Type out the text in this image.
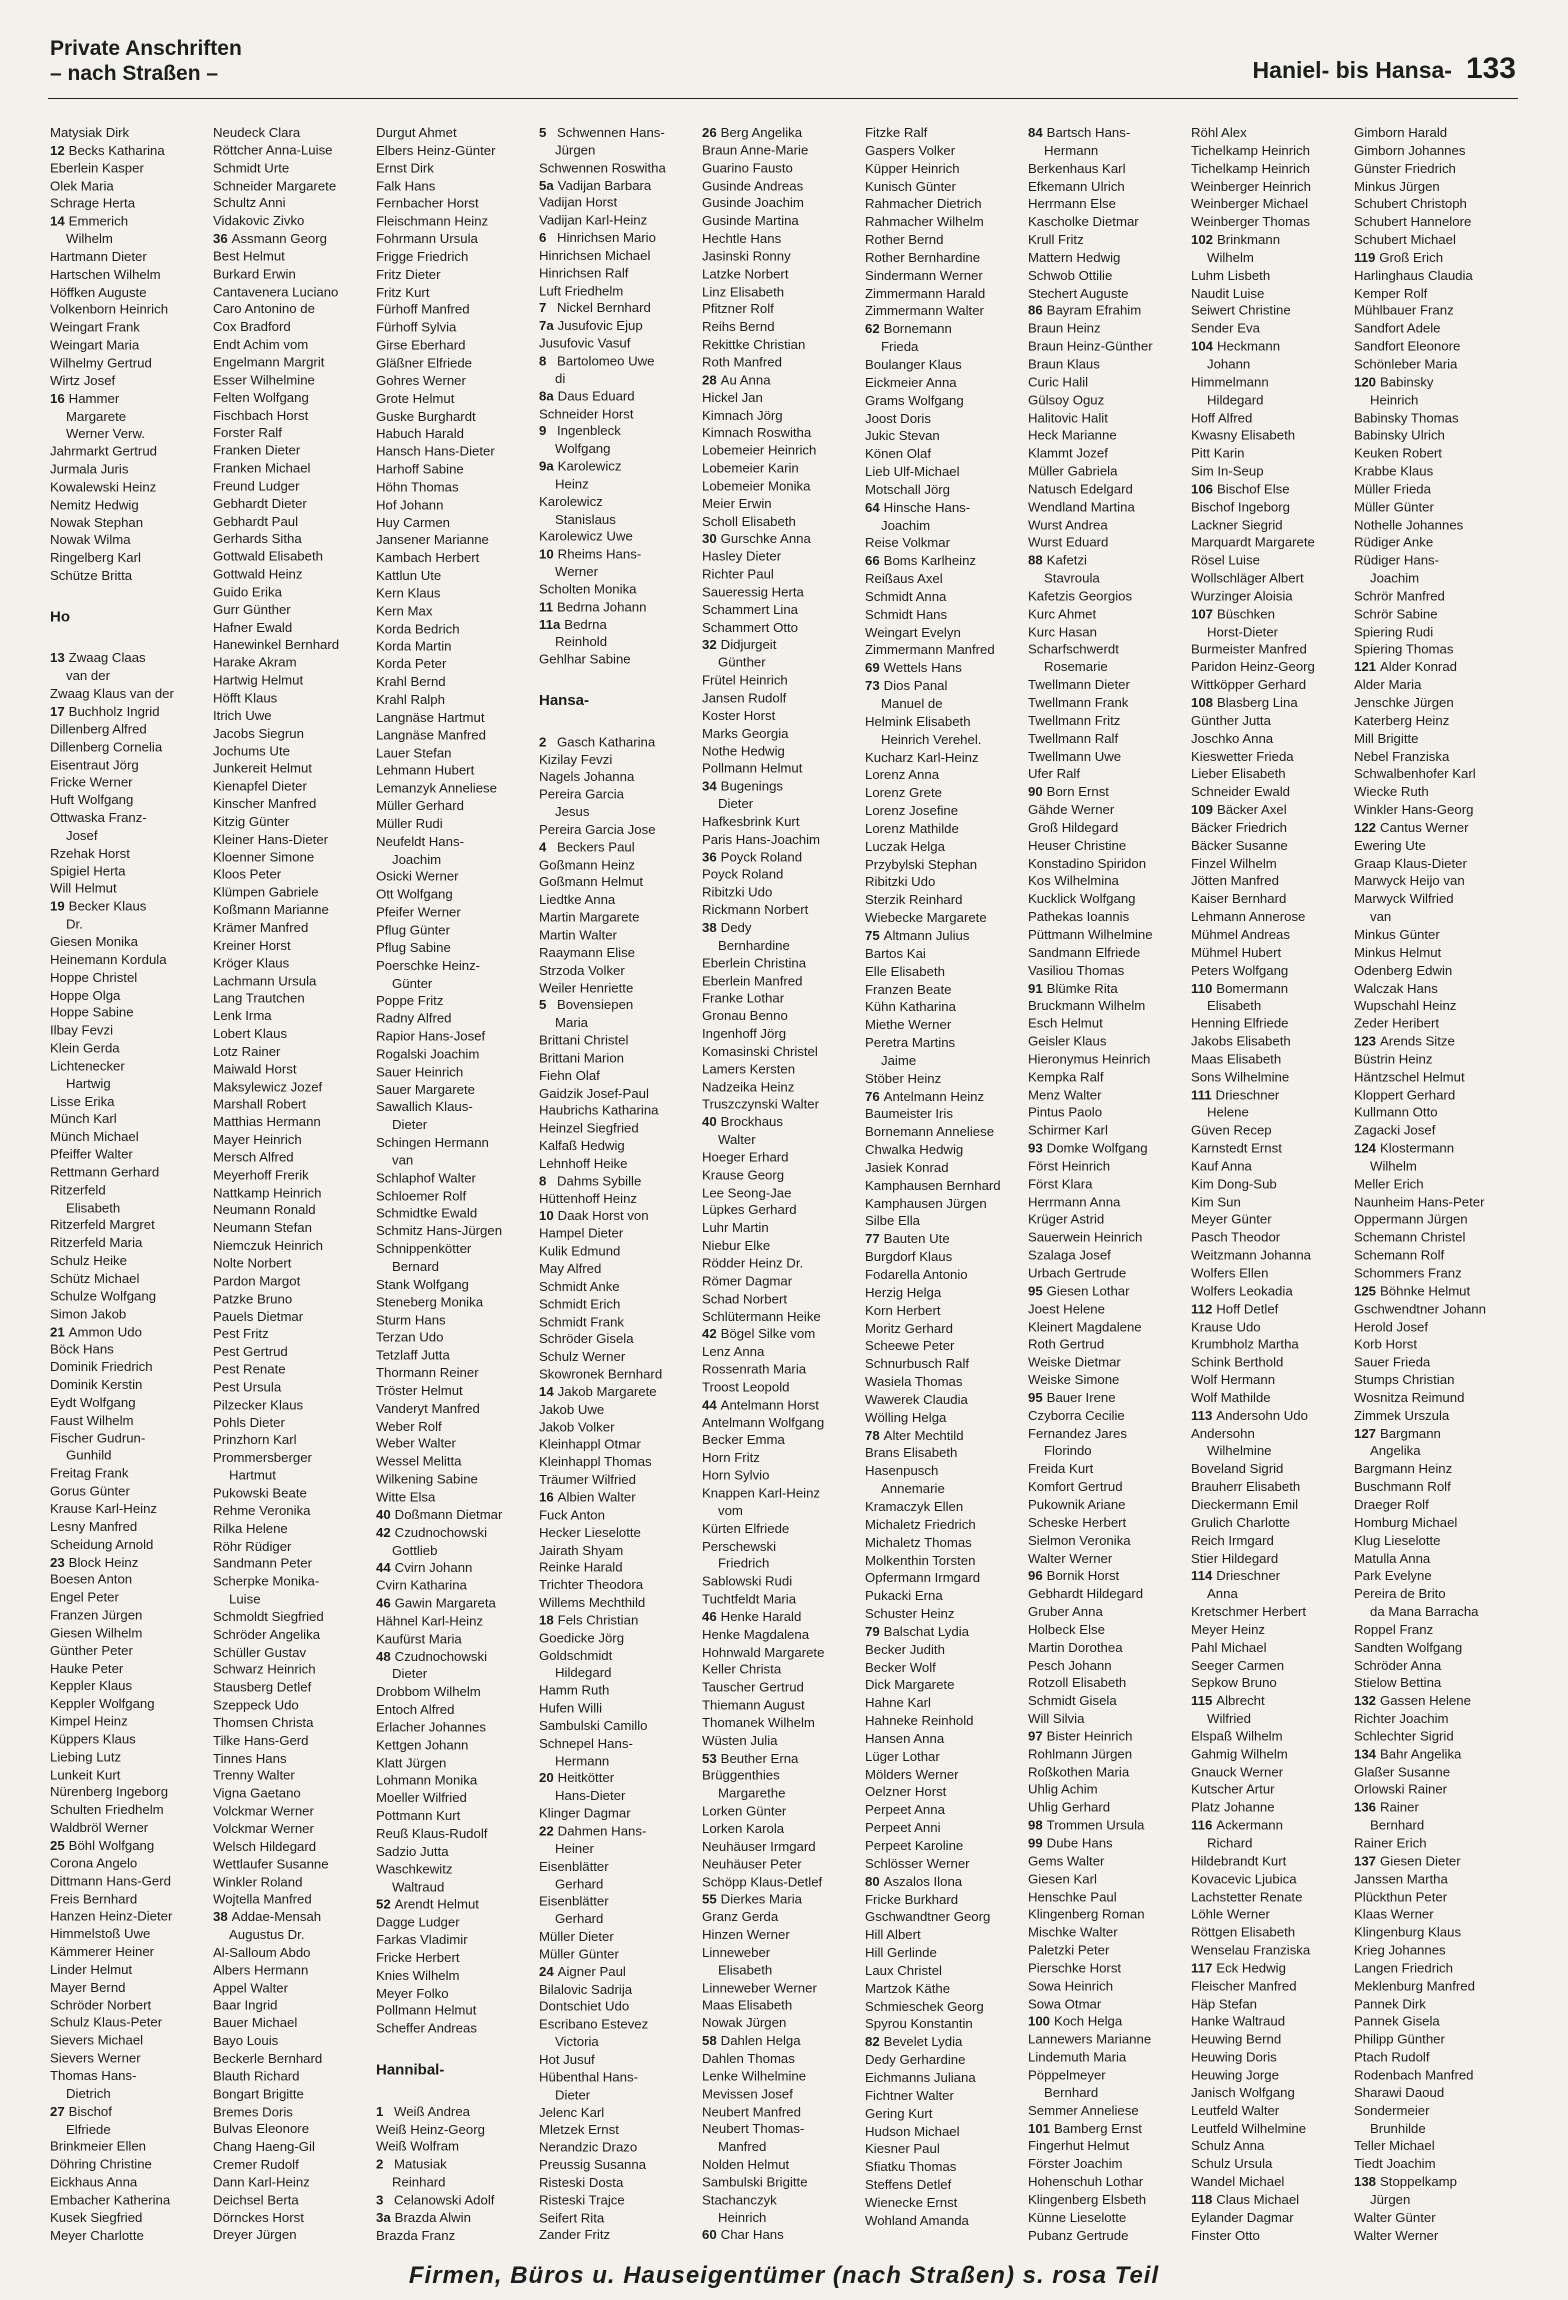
Private Anschriften
– nach Straßen –	Haniel- bis Hansa- 133
Matysiak Dirk
12 Becks Katharina
Eberlein Kasper
Olek Maria
Schrage Herta
14 Emmerich
Wilhelm
Hartmann Dieter
Hartschen Wilhelm
Höffken Auguste
Volkenborn Heinrich
Weingart Frank
Weingart Maria
Wilhelmy Gertrud
Wirtz Josef
16 Hammer
Margarete
Werner Verw.
Jahrmarkt Gertrud
Jurmala Juris
Kowalewski Heinz
Nemitz Hedwig
Nowak Stephan
Nowak Wilma
Ringelberg Karl
Schütze Britta
Ho
13 Zwaag Claas
van der
Zwaag Klaus van der
17 Buchholz Ingrid
Dillenberg Alfred
Dillenberg Cornelia
Eisentraut Jörg
Fricke Werner
Huft Wolfgang
Ottwaska Franz-
Josef
Rzehak Horst
Spigiel Herta
Will Helmut
19 Becker Klaus
Dr.
Giesen Monika
Heinemann Kordula
Hoppe Christel
Hoppe Olga
Hoppe Sabine
Ilbay Fevzi
Klein Gerda
Lichtenecker
Hartwig
Lisse Erika
Münch Karl
Münch Michael
Pfeiffer Walter
Rettmann Gerhard
Ritzerfeld
Elisabeth
Ritzerfeld Margret
Ritzerfeld Maria
Schulz Heike
Schütz Michael
Schulze Wolfgang
Simon Jakob
21 Ammon Udo
Böck Hans
Dominik Friedrich
Dominik Kerstin
Eydt Wolfgang
Faust Wilhelm
Fischer Gudrun-
Gunhild
Freitag Frank
Gorus Günter
Krause Karl-Heinz
Lesny Manfred
Scheidung Arnold
23 Block Heinz
Boesen Anton
Engel Peter
Franzen Jürgen
Giesen Wilhelm
Günther Peter
Hauke Peter
Keppler Klaus
Keppler Wolfgang
Kimpel Heinz
Küppers Klaus
Liebing Lutz
Lunkeit Kurt
Nürenberg Ingeborg
Schulten Friedhelm
Waldbröl Werner
25 Böhl Wolfgang
Corona Angelo
Dittmann Hans-Gerd
Freis Bernhard
Hanzen Heinz-Dieter
Himmelstoß Uwe
Kämmerer Heiner
Linder Helmut
Mayer Bernd
Schröder Norbert
Schulz Klaus-Peter
Sievers Michael
Sievers Werner
Thomas Hans-
Dietrich
27 Bischof
Elfriede
Brinkmeier Ellen
Döhring Christine
Eickhaus Anna
Embacher Katherina
Kusek Siegfried
Meyer Charlotte
Neudeck Clara
Röttcher Anna-Luise
Schmidt Urte
Schneider Margarete
Schultz Anni
Vidakovic Zivko
36 Assmann Georg
Best Helmut
Burkard Erwin
Cantavenera Luciano
Caro Antonino de
Cox Bradford
Endt Achim vom
Engelmann Margrit
Esser Wilhelmine
Felten Wolfgang
Fischbach Horst
Forster Ralf
Franken Dieter
Franken Michael
Freund Ludger
Gebhardt Dieter
Gebhardt Paul
Gerhards Sitha
Gottwald Elisabeth
Gottwald Heinz
Guido Erika
Gurr Günther
Hafner Ewald
Hanewinkel Bernhard
Harake Akram
Hartwig Helmut
Höfft Klaus
Itrich Uwe
Jacobs Siegrun
Jochums Ute
Junkereit Helmut
Kienapfel Dieter
Kinscher Manfred
Kitzig Günter
Kleiner Hans-Dieter
Kloenner Simone
Kloos Peter
Klümpen Gabriele
Koßmann Marianne
Krämer Manfred
Kreiner Horst
Kröger Klaus
Lachmann Ursula
Lang Trautchen
Lenk Irma
Lobert Klaus
Lotz Rainer
Maiwald Horst
Maksylewicz Jozef
Marshall Robert
Matthias Hermann
Mayer Heinrich
Mersch Alfred
Meyerhoff Frerik
Nattkamp Heinrich
Neumann Ronald
Neumann Stefan
Niemczuk Heinrich
Nolte Norbert
Pardon Margot
Patzke Bruno
Pauels Dietmar
Pest Fritz
Pest Gertrud
Pest Renate
Pest Ursula
Pilzecker Klaus
Pohls Dieter
Prinzhorn Karl
Prommersberger
Hartmut
Pukowski Beate
Rehme Veronika
Rilka Helene
Röhr Rüdiger
Sandmann Peter
Scherpke Monika-
Luise
Schmoldt Siegfried
Schröder Angelika
Schüller Gustav
Schwarz Heinrich
Stausberg Detlef
Szeppeck Udo
Thomsen Christa
Tilke Hans-Gerd
Tinnes Hans
Trenny Walter
Vigna Gaetano
Volckmar Werner
Volckmar Werner
Welsch Hildegard
Wettlaufer Susanne
Winkler Roland
Wojtella Manfred
38 Addae-Mensah
Augustus Dr.
Al-Salloum Abdo
Albers Hermann
Appel Walter
Baar Ingrid
Bauer Michael
Bayo Louis
Beckerle Bernhard
Blauth Richard
Bongart Brigitte
Bremes Doris
Bulvas Eleonore
Chang Haeng-Gil
Cremer Rudolf
Dann Karl-Heinz
Deichsel Berta
Dörnckes Horst
Dreyer Jürgen
Durgut Ahmet
Elbers Heinz-Günter
Ernst Dirk
Falk Hans
Fernbacher Horst
Fleischmann Heinz
Fohrmann Ursula
Frigge Friedrich
Fritz Dieter
Fritz Kurt
Fürhoff Manfred
Fürhoff Sylvia
Girse Eberhard
Gläßner Elfriede
Gohres Werner
Grote Helmut
Guske Burghardt
Habuch Harald
Hansch Hans-Dieter
Harhoff Sabine
Höhn Thomas
Hof Johann
Huy Carmen
Jansener Marianne
Kambach Herbert
Kattlun Ute
Kern Klaus
Kern Max
Korda Bedrich
Korda Martin
Korda Peter
Krahl Bernd
Krahl Ralph
Langnäse Hartmut
Langnäse Manfred
Lauer Stefan
Lehmann Hubert
Lemanzyk Anneliese
Müller Gerhard
Müller Rudi
Neufeldt Hans-
Joachim
Osicki Werner
Ott Wolfgang
Pfeifer Werner
Pflug Günter
Pflug Sabine
Poerschke Heinz-
Günter
Poppe Fritz
Radny Alfred
Rapior Hans-Josef
Rogalski Joachim
Sauer Heinrich
Sauer Margarete
Sawallich Klaus-
Dieter
Schingen Hermann
van
Schlaphof Walter
Schloemer Rolf
Schmidtke Ewald
Schmitz Hans-Jürgen
Schnippenkötter
Bernard
Stank Wolfgang
Steneberg Monika
Sturm Hans
Terzan Udo
Tetzlaff Jutta
Thormann Reiner
Tröster Helmut
Vanderyt Manfred
Weber Rolf
Weber Walter
Wessel Melitta
Wilkening Sabine
Witte Elsa
40 Doßmann Dietmar
42 Czudnochowski
Gottlieb
44 Cvirn Johann
Cvirn Katharina
46 Gawin Margareta
Hähnel Karl-Heinz
Kaufürst Maria
48 Czudnochowski
Dieter
Drobbom Wilhelm
Entoch Alfred
Erlacher Johannes
Kettgen Johann
Klatt Jürgen
Lohmann Monika
Moeller Wilfried
Pottmann Kurt
Reuß Klaus-Rudolf
Sadzio Jutta
Waschkewitz
Waltraud
52 Arendt Helmut
Dagge Ludger
Farkas Vladimir
Fricke Herbert
Knies Wilhelm
Meyer Folko
Pollmann Helmut
Scheffer Andreas
Hannibal-
1 Weiß Andrea
Weiß Heinz-Georg
Weiß Wolfram
2 Matusiak
Reinhard
3 Celanowski Adolf
3a Brazda Alwin
Brazda Franz
5 Schwennen Hans-
Jürgen
Schwennen Roswitha
5a Vadijan Barbara
Vadijan Horst
Vadijan Karl-Heinz
6 Hinrichsen Mario
Hinrichsen Michael
Hinrichsen Ralf
Luft Friedhelm
7 Nickel Bernhard
7a Jusufovic Ejup
Jusufovic Vasuf
8 Bartolomeo Uwe
di
8a Daus Eduard
Schneider Horst
9 Ingenbleck
Wolfgang
9a Karolewicz
Heinz
Karolewicz
Stanislaus
Karolewicz Uwe
10 Rheims Hans-
Werner
Scholten Monika
11 Bedrna Johann
11a Bedrna
Reinhold
Gehlhar Sabine
Hansa-
2 Gasch Katharina
Kizilay Fevzi
Nagels Johanna
Pereira Garcia
Jesus
Pereira Garcia Jose
4 Beckers Paul
Goßmann Heinz
Goßmann Helmut
Liedtke Anna
Martin Margarete
Martin Walter
Raaymann Elise
Strzoda Volker
Weiler Henriette
5 Bovensiepen
Maria
Brittani Christel
Brittani Marion
Fiehn Olaf
Gaidzik Josef-Paul
Haubrichs Katharina
Heinzel Siegfried
Kalfaß Hedwig
Lehnhoff Heike
8 Dahms Sybille
Hüttenhoff Heinz
10 Daak Horst von
Hampel Dieter
Kulik Edmund
May Alfred
Schmidt Anke
Schmidt Erich
Schmidt Frank
Schröder Gisela
Schulz Werner
Skowronek Bernhard
14 Jakob Margarete
Jakob Uwe
Jakob Volker
Kleinhappl Otmar
Kleinhappl Thomas
Träumer Wilfried
16 Albien Walter
Fuck Anton
Hecker Lieselotte
Jairath Shyam
Reinke Harald
Trichter Theodora
Willems Mechthild
18 Fels Christian
Goedicke Jörg
Goldschmidt
Hildegard
Hamm Ruth
Hufen Willi
Sambulski Camillo
Schnepel Hans-
Hermann
20 Heitkötter
Hans-Dieter
Klinger Dagmar
22 Dahmen Hans-
Heiner
Eisenblätter
Gerhard
Eisenblätter
Gerhard
Müller Dieter
Müller Günter
24 Aigner Paul
Bilalovic Sadrija
Dontschiet Udo
Escribano Estevez
Victoria
Hot Jusuf
Hübenthal Hans-
Dieter
Jelenc Karl
Mletzek Ernst
Nerandzic Drazo
Preussig Susanna
Risteski Dosta
Risteski Trajce
Seifert Rita
Zander Fritz
26 Berg Angelika
Braun Anne-Marie
Guarino Fausto
Gusinde Andreas
Gusinde Joachim
Gusinde Martina
Hechtle Hans
Jasinski Ronny
Latzke Norbert
Linz Elisabeth
Pfitzner Rolf
Reihs Bernd
Rekittke Christian
Roth Manfred
28 Au Anna
Hickel Jan
Kimnach Jörg
Kimnach Roswitha
Lobemeier Heinrich
Lobemeier Karin
Lobemeier Monika
Meier Erwin
Scholl Elisabeth
30 Gurschke Anna
Hasley Dieter
Richter Paul
Saueressig Herta
Schammert Lina
Schammert Otto
32 Didjurgeit
Günther
Frütel Heinrich
Jansen Rudolf
Koster Horst
Marks Georgia
Nothe Hedwig
Pollmann Helmut
34 Bugenings
Dieter
Hafkesbrink Kurt
Paris Hans-Joachim
36 Poyck Roland
Poyck Roland
Ribitzki Udo
Rickmann Norbert
38 Dedy
Bernhardine
Eberlein Christina
Eberlein Manfred
Franke Lothar
Gronau Benno
Ingenhoff Jörg
Komasinski Christel
Lamers Kersten
Nadzeika Heinz
Truszczynski Walter
40 Brockhaus
Walter
Hoeger Erhard
Krause Georg
Lee Seong-Jae
Lüpkes Gerhard
Luhr Martin
Niebur Elke
Rödder Heinz Dr.
Römer Dagmar
Schad Norbert
Schlütermann Heike
42 Bögel Silke vom
Lenz Anna
Rossenrath Maria
Troost Leopold
44 Antelmann Horst
Antelmann Wolfgang
Becker Emma
Horn Fritz
Horn Sylvio
Knappen Karl-Heinz
vom
Kürten Elfriede
Perschewski
Friedrich
Sablowski Rudi
Tuchtfeldt Maria
46 Henke Harald
Henke Magdalena
Hohnwald Margarete
Keller Christa
Tauscher Gertrud
Thiemann August
Thomanek Wilhelm
Wüsten Julia
53 Beuther Erna
Brüggenthies
Margarethe
Lorken Günter
Lorken Karola
Neuhäuser Irmgard
Neuhäuser Peter
Schöpp Klaus-Detlef
55 Dierkes Maria
Granz Gerda
Hinzen Werner
Linneweber
Elisabeth
Linneweber Werner
Maas Elisabeth
Nowak Jürgen
58 Dahlen Helga
Dahlen Thomas
Lenke Wilhelmine
Mevissen Josef
Neubert Manfred
Neubert Thomas-
Manfred
Nolden Helmut
Sambulski Brigitte
Stachanczyk
Heinrich
60 Char Hans
Fitzke Ralf
Gaspers Volker
Küpper Heinrich
Kunisch Günter
Rahmacher Dietrich
Rahmacher Wilhelm
Rother Bernd
Rother Bernhardine
Sindermann Werner
Zimmermann Harald
Zimmermann Walter
62 Bornemann
Frieda
Boulanger Klaus
Eickmeier Anna
Grams Wolfgang
Joost Doris
Jukic Stevan
Könen Olaf
Lieb Ulf-Michael
Motschall Jörg
64 Hinsche Hans-
Joachim
Reise Volkmar
66 Boms Karlheinz
Reißaus Axel
Schmidt Anna
Schmidt Hans
Weingart Evelyn
Zimmermann Manfred
69 Wettels Hans
73 Dios Panal
Manuel de
Helmink Elisabeth
Heinrich Verehel.
Kucharz Karl-Heinz
Lorenz Anna
Lorenz Grete
Lorenz Josefine
Lorenz Mathilde
Luczak Helga
Przybylski Stephan
Ribitzki Udo
Sterzik Reinhard
Wiebecke Margarete
75 Altmann Julius
Bartos Kai
Elle Elisabeth
Franzen Beate
Kühn Katharina
Miethe Werner
Peretra Martins
Jaime
Stöber Heinz
76 Antelmann Heinz
Baumeister Iris
Bornemann Anneliese
Chwalka Hedwig
Jasiek Konrad
Kamphausen Bernhard
Kamphausen Jürgen
Silbe Ella
77 Bauten Ute
Burgdorf Klaus
Fodarella Antonio
Herzig Helga
Korn Herbert
Moritz Gerhard
Scheewe Peter
Schnurbusch Ralf
Wasiela Thomas
Wawerek Claudia
Wölling Helga
78 Alter Mechtild
Brans Elisabeth
Hasenpusch
Annemarie
Kramaczyk Ellen
Michaletz Friedrich
Michaletz Thomas
Molkenthin Torsten
Opfermann Irmgard
Pukacki Erna
Schuster Heinz
79 Balschat Lydia
Becker Judith
Becker Wolf
Dick Margarete
Hahne Karl
Hahneke Reinhold
Hansen Anna
Lüger Lothar
Mölders Werner
Oelzner Horst
Perpeet Anna
Perpeet Anni
Perpeet Karoline
Schlösser Werner
80 Aszalos Ilona
Fricke Burkhard
Gschwandtner Georg
Hill Albert
Hill Gerlinde
Laux Christel
Martzok Käthe
Schmieschek Georg
Spyrou Konstantin
82 Bevelet Lydia
Dedy Gerhardine
Eichmanns Juliana
Fichtner Walter
Gering Kurt
Hudson Michael
Kiesner Paul
Sfiatku Thomas
Steffens Detlef
Wienecke Ernst
Wohland Amanda
84 Bartsch Hans-
Hermann
Berkenhaus Karl
Efkemann Ulrich
Herrmann Else
Kascholke Dietmar
Krull Fritz
Mattern Hedwig
Schwob Ottilie
Stechert Auguste
86 Bayram Efrahim
Braun Heinz
Braun Heinz-Günther
Braun Klaus
Curic Halil
Gülsoy Oguz
Halitovic Halit
Heck Marianne
Klammt Jozef
Müller Gabriela
Natusch Edelgard
Wendland Martina
Wurst Andrea
Wurst Eduard
88 Kafetzi
Stavroula
Kafetzis Georgios
Kurc Ahmet
Kurc Hasan
Scharfschwerdt
Rosemarie
Twellmann Dieter
Twellmann Frank
Twellmann Fritz
Twellmann Ralf
Twellmann Uwe
Ufer Ralf
90 Born Ernst
Gähde Werner
Groß Hildegard
Heuser Christine
Konstadino Spiridon
Kos Wilhelmina
Kucklick Wolfgang
Pathekas Ioannis
Püttmann Wilhelmine
Sandmann Elfriede
Vasiliou Thomas
91 Blümke Rita
Bruckmann Wilhelm
Esch Helmut
Geisler Klaus
Hieronymus Heinrich
Kempka Ralf
Menz Walter
Pintus Paolo
Schirmer Karl
93 Domke Wolfgang
Först Heinrich
Först Klara
Herrmann Anna
Krüger Astrid
Sauerwein Heinrich
Szalaga Josef
Urbach Gertrude
95 Giesen Lothar
Joest Helene
Kleinert Magdalene
Roth Gertrud
Weiske Dietmar
Weiske Simone
95 Bauer Irene
Czyborra Cecilie
Fernandez Jares
Florindo
Freida Kurt
Komfort Gertrud
Pukownik Ariane
Scheske Herbert
Sielmon Veronika
Walter Werner
96 Bornik Horst
Gebhardt Hildegard
Gruber Anna
Holbeck Else
Martin Dorothea
Pesch Johann
Rotzoll Elisabeth
Schmidt Gisela
Will Silvia
97 Bister Heinrich
Rohlmann Jürgen
Roßkothen Maria
Uhlig Achim
Uhlig Gerhard
98 Trommen Ursula
99 Dube Hans
Gems Walter
Giesen Karl
Henschke Paul
Klingenberg Roman
Mischke Walter
Paletzki Peter
Pierschke Horst
Sowa Heinrich
Sowa Otmar
100 Koch Helga
Lannewers Marianne
Lindemuth Maria
Pöppelmeyer
Bernhard
Semmer Anneliese
101 Bamberg Ernst
Fingerhut Helmut
Förster Joachim
Hohenschuh Lothar
Klingenberg Elsbeth
Künne Lieselotte
Pubanz Gertrude
Röhl Alex
Tichelkamp Heinrich
Tichelkamp Heinrich
Weinberger Heinrich
Weinberger Michael
Weinberger Thomas
102 Brinkmann
Wilhelm
Luhm Lisbeth
Naudit Luise
Seiwert Christine
Sender Eva
104 Heckmann
Johann
Himmelmann
Hildegard
Hoff Alfred
Kwasny Elisabeth
Pitt Karin
Sim In-Seup
106 Bischof Else
Bischof Ingeborg
Lackner Siegrid
Marquardt Margarete
Rösel Luise
Wollschläger Albert
Wurzinger Aloisia
107 Büschken
Horst-Dieter
Burmeister Manfred
Paridon Heinz-Georg
Wittköpper Gerhard
108 Blasberg Lina
Günther Jutta
Joschko Anna
Kieswetter Frieda
Lieber Elisabeth
Schneider Ewald
109 Bäcker Axel
Bäcker Friedrich
Bäcker Susanne
Finzel Wilhelm
Jötten Manfred
Kaiser Bernhard
Lehmann Annerose
Mühmel Andreas
Mühmel Hubert
Peters Wolfgang
110 Bomermann
Elisabeth
Henning Elfriede
Jakobs Elisabeth
Maas Elisabeth
Sons Wilhelmine
111 Drieschner
Helene
Güven Recep
Karnstedt Ernst
Kauf Anna
Kim Dong-Sub
Kim Sun
Meyer Günter
Pasch Theodor
Weitzmann Johanna
Wolfers Ellen
Wolfers Leokadia
112 Hoff Detlef
Krause Udo
Krumbholz Martha
Schink Berthold
Wolf Hermann
Wolf Mathilde
113 Andersohn Udo
Andersohn
Wilhelmine
Boveland Sigrid
Brauherr Elisabeth
Dieckermann Emil
Grulich Charlotte
Reich Irmgard
Stier Hildegard
114 Drieschner
Anna
Kretschmer Herbert
Meyer Heinz
Pahl Michael
Seeger Carmen
Sepkow Bruno
115 Albrecht
Wilfried
Elspaß Wilhelm
Gahmig Wilhelm
Gnauck Werner
Kutscher Artur
Platz Johanne
116 Ackermann
Richard
Hildebrandt Kurt
Kovacevic Ljubica
Lachstetter Renate
Löhle Werner
Röttgen Elisabeth
Wenselau Franziska
117 Eck Hedwig
Fleischer Manfred
Häp Stefan
Hanke Waltraud
Heuwing Bernd
Heuwing Doris
Heuwing Jorge
Janisch Wolfgang
Leutfeld Walter
Leutfeld Wilhelmine
Schulz Anna
Schulz Ursula
Wandel Michael
118 Claus Michael
Eylander Dagmar
Finster Otto
Gimborn Harald
Gimborn Johannes
Günster Friedrich
Minkus Jürgen
Schubert Christoph
Schubert Hannelore
Schubert Michael
119 Groß Erich
Harlinghaus Claudia
Kemper Rolf
Mühlbauer Franz
Sandfort Adele
Sandfort Eleonore
Schönleber Maria
120 Babinsky
Heinrich
Babinsky Thomas
Babinsky Ulrich
Keuken Robert
Krabbe Klaus
Müller Frieda
Müller Günter
Nothelle Johannes
Rüdiger Anke
Rüdiger Hans-
Joachim
Schrör Manfred
Schrör Sabine
Spiering Rudi
Spiering Thomas
121 Alder Konrad
Alder Maria
Jenschke Jürgen
Katerberg Heinz
Mill Brigitte
Nebel Franziska
Schwalbenhofer Karl
Wiecke Ruth
Winkler Hans-Georg
122 Cantus Werner
Ewering Ute
Graap Klaus-Dieter
Marwyck Heijo van
Marwyck Wilfried
van
Minkus Günter
Minkus Helmut
Odenberg Edwin
Walczak Hans
Wupschahl Heinz
Zeder Heribert
123 Arends Sitze
Büstrin Heinz
Häntzschel Helmut
Kloppert Gerhard
Kullmann Otto
Zagacki Josef
124 Klostermann
Wilhelm
Meller Erich
Naunheim Hans-Peter
Oppermann Jürgen
Schemann Christel
Schemann Rolf
Schommers Franz
125 Böhnke Helmut
Gschwendtner Johann
Herold Josef
Korb Horst
Sauer Frieda
Stumps Christian
Wosnitza Reimund
Zimmek Urszula
127 Bargmann
Angelika
Bargmann Heinz
Buschmann Rolf
Draeger Rolf
Homburg Michael
Klug Lieselotte
Matulla Anna
Park Evelyne
Pereira de Brito
da Mana Barracha
Roppel Franz
Sandten Wolfgang
Schröder Anna
Stielow Bettina
132 Gassen Helene
Richter Joachim
Schlechter Sigrid
134 Bahr Angelika
Glaßer Susanne
Orlowski Rainer
136 Rainer
Bernhard
Rainer Erich
137 Giesen Dieter
Janssen Martha
Plückthun Peter
Klaas Werner
Klingenburg Klaus
Krieg Johannes
Langen Friedrich
Meklenburg Manfred
Pannek Dirk
Pannek Gisela
Philipp Günther
Ptach Rudolf
Rodenbach Manfred
Sharawi Daoud
Sondermeier
Brunhilde
Teller Michael
Tiedt Joachim
138 Stoppelkamp
Jürgen
Walter Günter
Walter Werner
Firmen, Büros u. Hauseigentümer (nach Straßen) s. rosa Teil
